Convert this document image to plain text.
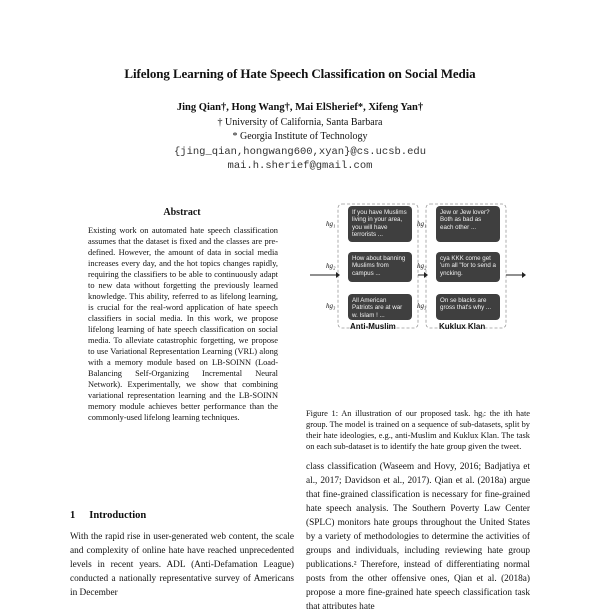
Lifelong Learning of Hate Speech Classification on Social Media
Jing Qian†, Hong Wang†, Mai ElSherief*, Xifeng Yan†
† University of California, Santa Barbara
* Georgia Institute of Technology
{jing_qian,hongwang600,xyan}@cs.ucsb.edu
mai.h.sherief@gmail.com
Abstract
Existing work on automated hate speech classification assumes that the dataset is fixed and the classes are pre-defined. However, the amount of data in social media increases every day, and the hot topics changes rapidly, requiring the classifiers to be able to continuously adapt to new data without forgetting the previously learned knowledge. This ability, referred to as lifelong learning, is crucial for the real-word application of hate speech classifiers in social media. In this work, we propose lifelong learning of hate speech classification on social media. To alleviate catastrophic forgetting, we propose to use Variational Representation Learning (VRL) along with a memory module based on LB-SOINN (Load-Balancing Self-Organizing Incremental Neural Network). Experimentally, we show that combining variational representation learning and the LB-SOINN memory module achieves better performance than the commonly-used lifelong learning techniques.
1 Introduction
With the rapid rise in user-generated web content, the scale and complexity of online hate have reached unprecedented levels in recent years. ADL (Anti-Defamation League) conducted a nationally representative survey of Americans in December
hg₁
If you have Muslims living in your area, you will have terrorists ...
hg₂
How about banning Muslims from campus ...
hg₃
All American Patriots are at war w. Islam ! ...
Anti-Muslim
hg₁
Jew or Jew lover? Both as bad as each other ...
hg₂
cya KKK come get 'um all "for to send a yncking.
hg₃
On se blacks are gross that's why ...
Kuklux Klan
Figure 1: An illustration of our proposed task. hgᵢ: the ith hate group. The model is trained on a sequence of sub-datasets, split by their hate ideologies, e.g., anti-Muslim and Kuklux Klan. The task on each sub-dataset is to identify the hate group given the tweet.
class classification (Waseem and Hovy, 2016; Badjatiya et al., 2017; Davidson et al., 2017). Qian et al. (2018a) argue that fine-grained classification is necessary for fine-grained hate speech analysis. The Southern Poverty Law Center (SPLC) monitors hate groups throughout the United States by a variety of methodologies to determine the activities of groups and individuals, including reviewing hate group publications.² Therefore, instead of differentiating normal posts from the other offensive ones, Qian et al. (2018a) propose a more fine-grained hate speech classification task that attributes hate
